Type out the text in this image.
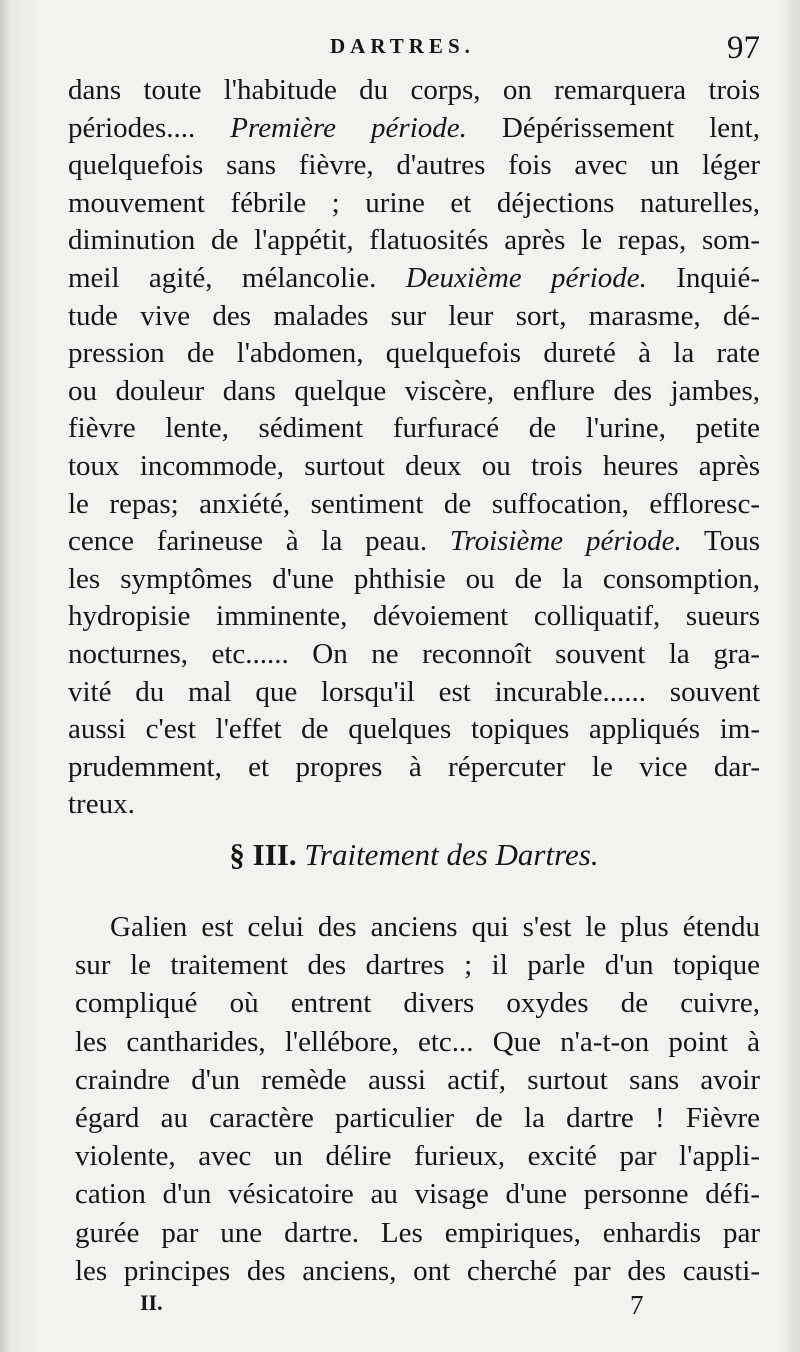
DARTRES.	97
dans toute l'habitude du corps, on remarquera trois
périodes.... Première période. Dépérissement lent,
quelquefois sans fièvre, d'autres fois avec un léger
mouvement fébrile ; urine et déjections naturelles,
diminution de l'appétit, flatuosités après le repas, som-
meil agité, mélancolie. Deuxième période. Inquié-
tude vive des malades sur leur sort, marasme, dé-
pression de l'abdomen, quelquefois dureté à la rate
ou douleur dans quelque viscère, enflure des jambes,
fièvre lente, sédiment furfuracé de l'urine, petite
toux incommode, surtout deux ou trois heures après
le repas; anxiété, sentiment de suffocation, effloresc-
cence farineuse à la peau. Troisième période. Tous
les symptômes d'une phthisie ou de la consomption,
hydropisie imminente, dévoiement colliquatif, sueurs
nocturnes, etc...... On ne reconnoît souvent la gra-
vité du mal que lorsqu'il est incurable...... souvent
aussi c'est l'effet de quelques topiques appliqués im-
prudemment, et propres à répercuter le vice dar-
treux.
§ III. Traitement des Dartres.
Galien est celui des anciens qui s'est le plus étendu
sur le traitement des dartres ; il parle d'un topique
compliqué où entrent divers oxydes de cuivre,
les cantharides, l'ellébore, etc... Que n'a-t-on point à
craindre d'un remède aussi actif, surtout sans avoir
égard au caractère particulier de la dartre ! Fièvre
violente, avec un délire furieux, excité par l'appli-
cation d'un vésicatoire au visage d'une personne défi-
gurée par une dartre. Les empiriques, enhardis par
les principes des anciens, ont cherché par des causti-
II.	7
